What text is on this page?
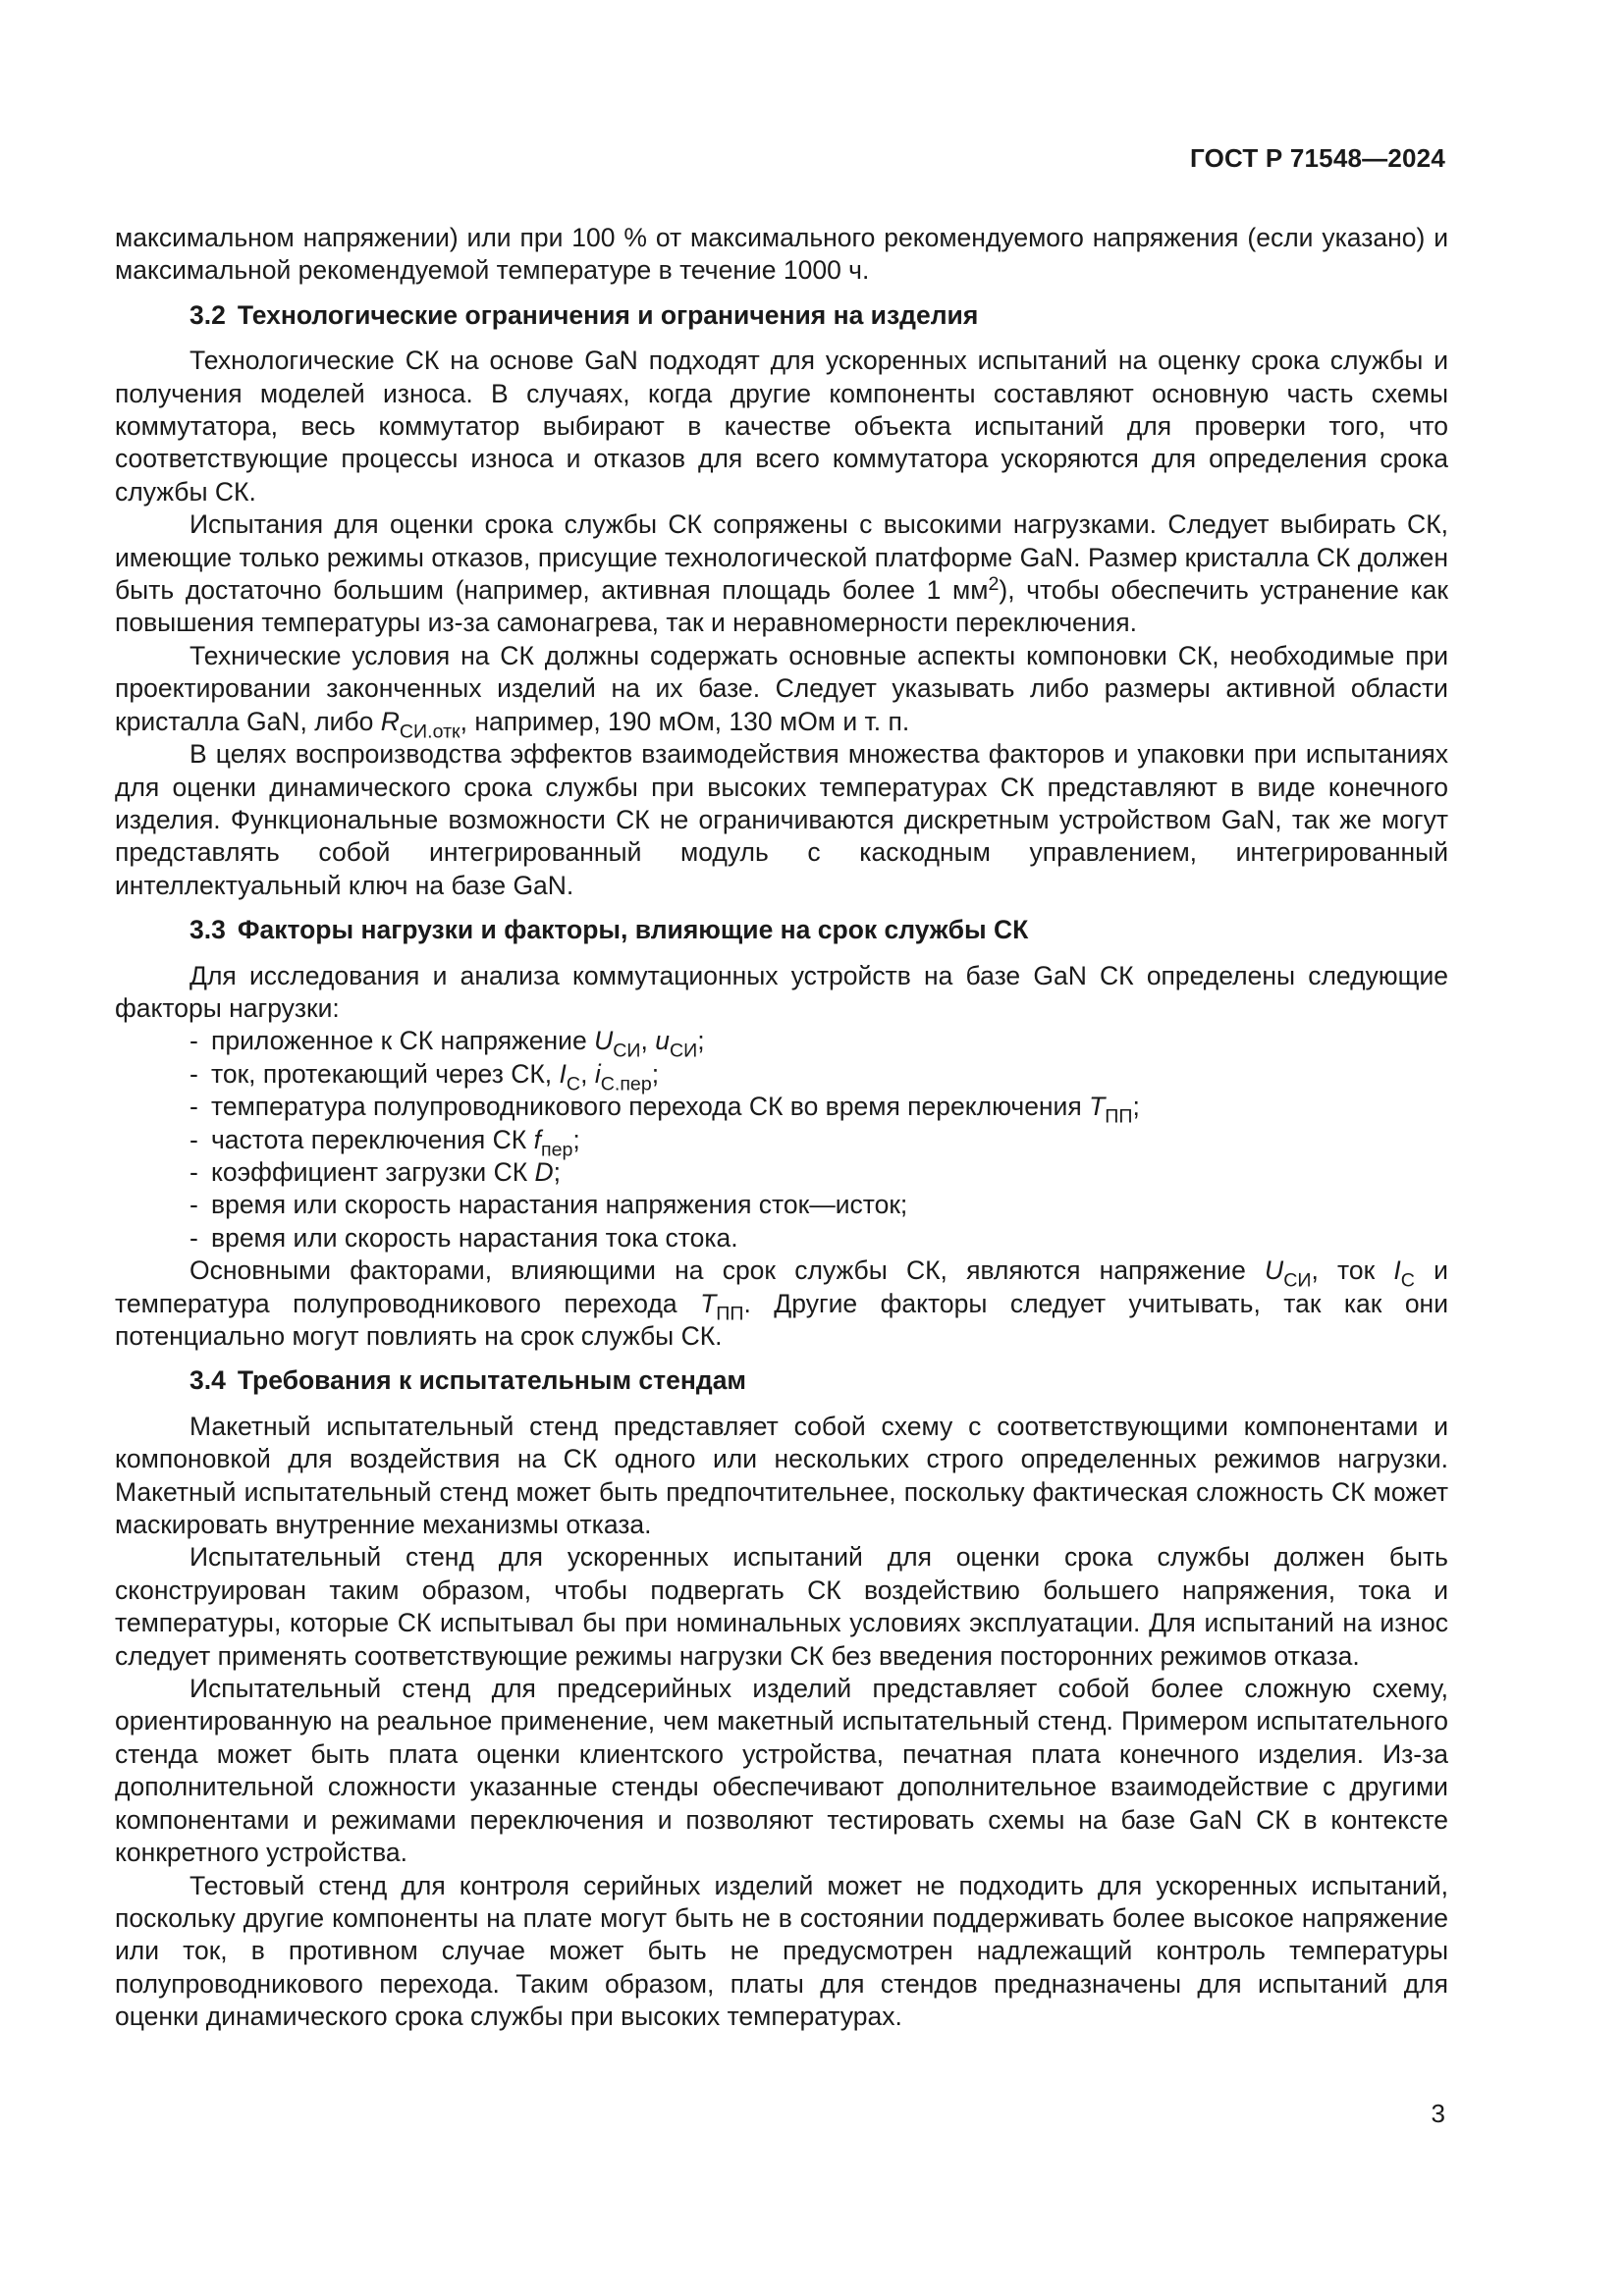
ГОСТ Р 71548—2024

максимальном напряжении) или при 100 % от максимального рекомендуемого напряжения (если указано) и максимальной рекомендуемой температуре в течение 1000 ч.

3.2 Технологические ограничения и ограничения на изделия

Технологические СК на основе GaN подходят для ускоренных испытаний на оценку срока службы и получения моделей износа. В случаях, когда другие компоненты составляют основную часть схемы коммутатора, весь коммутатор выбирают в качестве объекта испытаний для проверки того, что соответствующие процессы износа и отказов для всего коммутатора ускоряются для определения срока службы СК.

Испытания для оценки срока службы СК сопряжены с высокими нагрузками. Следует выбирать СК, имеющие только режимы отказов, присущие технологической платформе GaN. Размер кристалла СК должен быть достаточно большим (например, активная площадь более 1 $мм^2$), чтобы обеспечить устранение как повышения температуры из-за самонагрева, так и неравномерности переключения.

Технические условия на СК должны содержать основные аспекты компоновки СК, необходимые при проектировании законченных изделий на их базе. Следует указывать либо размеры активной области кристалла GaN, либо $R_{СИ.отк}$, например, 190 мОм, 130 мОм и т. п.

В целях воспроизводства эффектов взаимодействия множества факторов и упаковки при испытаниях для оценки динамического срока службы при высоких температурах СК представляют в виде конечного изделия. Функциональные возможности СК не ограничиваются дискретным устройством GaN, так же могут представлять собой интегрированный модуль с каскодным управлением, интегрированный интеллектуальный ключ на базе GaN.

3.3 Факторы нагрузки и факторы, влияющие на срок службы СК

Для исследования и анализа коммутационных устройств на базе GaN СК определены следующие факторы нагрузки:

- приложенное к СК напряжение $U_{СИ}$, $u_{СИ}$;
- ток, протекающий через СК, $I_С$, $i_{С.пер}$;
- температура полупроводникового перехода СК во время переключения $T_{ПП}$;
- частота переключения СК $f_{пер}$;
- коэффициент загрузки СК D;
- время или скорость нарастания напряжения сток—исток;
- время или скорость нарастания тока стока.

Основными факторами, влияющими на срок службы СК, являются напряжение $U_{СИ}$, ток $I_С$ и температура полупроводникового перехода $T_{ПП}$. Другие факторы следует учитывать, так как они потенциально могут повлиять на срок службы СК.

3.4 Требования к испытательным стендам

Макетный испытательный стенд представляет собой схему с соответствующими компонентами и компоновкой для воздействия на СК одного или нескольких строго определенных режимов нагрузки. Макетный испытательный стенд может быть предпочтительнее, поскольку фактическая сложность СК может маскировать внутренние механизмы отказа.

Испытательный стенд для ускоренных испытаний для оценки срока службы должен быть сконструирован таким образом, чтобы подвергать СК воздействию большего напряжения, тока и температуры, которые СК испытывал бы при номинальных условиях эксплуатации. Для испытаний на износ следует применять соответствующие режимы нагрузки СК без введения посторонних режимов отказа.

Испытательный стенд для предсерийных изделий представляет собой более сложную схему, ориентированную на реальное применение, чем макетный испытательный стенд. Примером испытательного стенда может быть плата оценки клиентского устройства, печатная плата конечного изделия. Из-за дополнительной сложности указанные стенды обеспечивают дополнительное взаимодействие с другими компонентами и режимами переключения и позволяют тестировать схемы на базе GaN СК в контексте конкретного устройства.

Тестовый стенд для контроля серийных изделий может не подходить для ускоренных испытаний, поскольку другие компоненты на плате могут быть не в состоянии поддерживать более высокое напряжение или ток, в противном случае может быть не предусмотрен надлежащий контроль температуры полупроводникового перехода. Таким образом, платы для стендов предназначены для испытаний для оценки динамического срока службы при высоких температурах.

3
